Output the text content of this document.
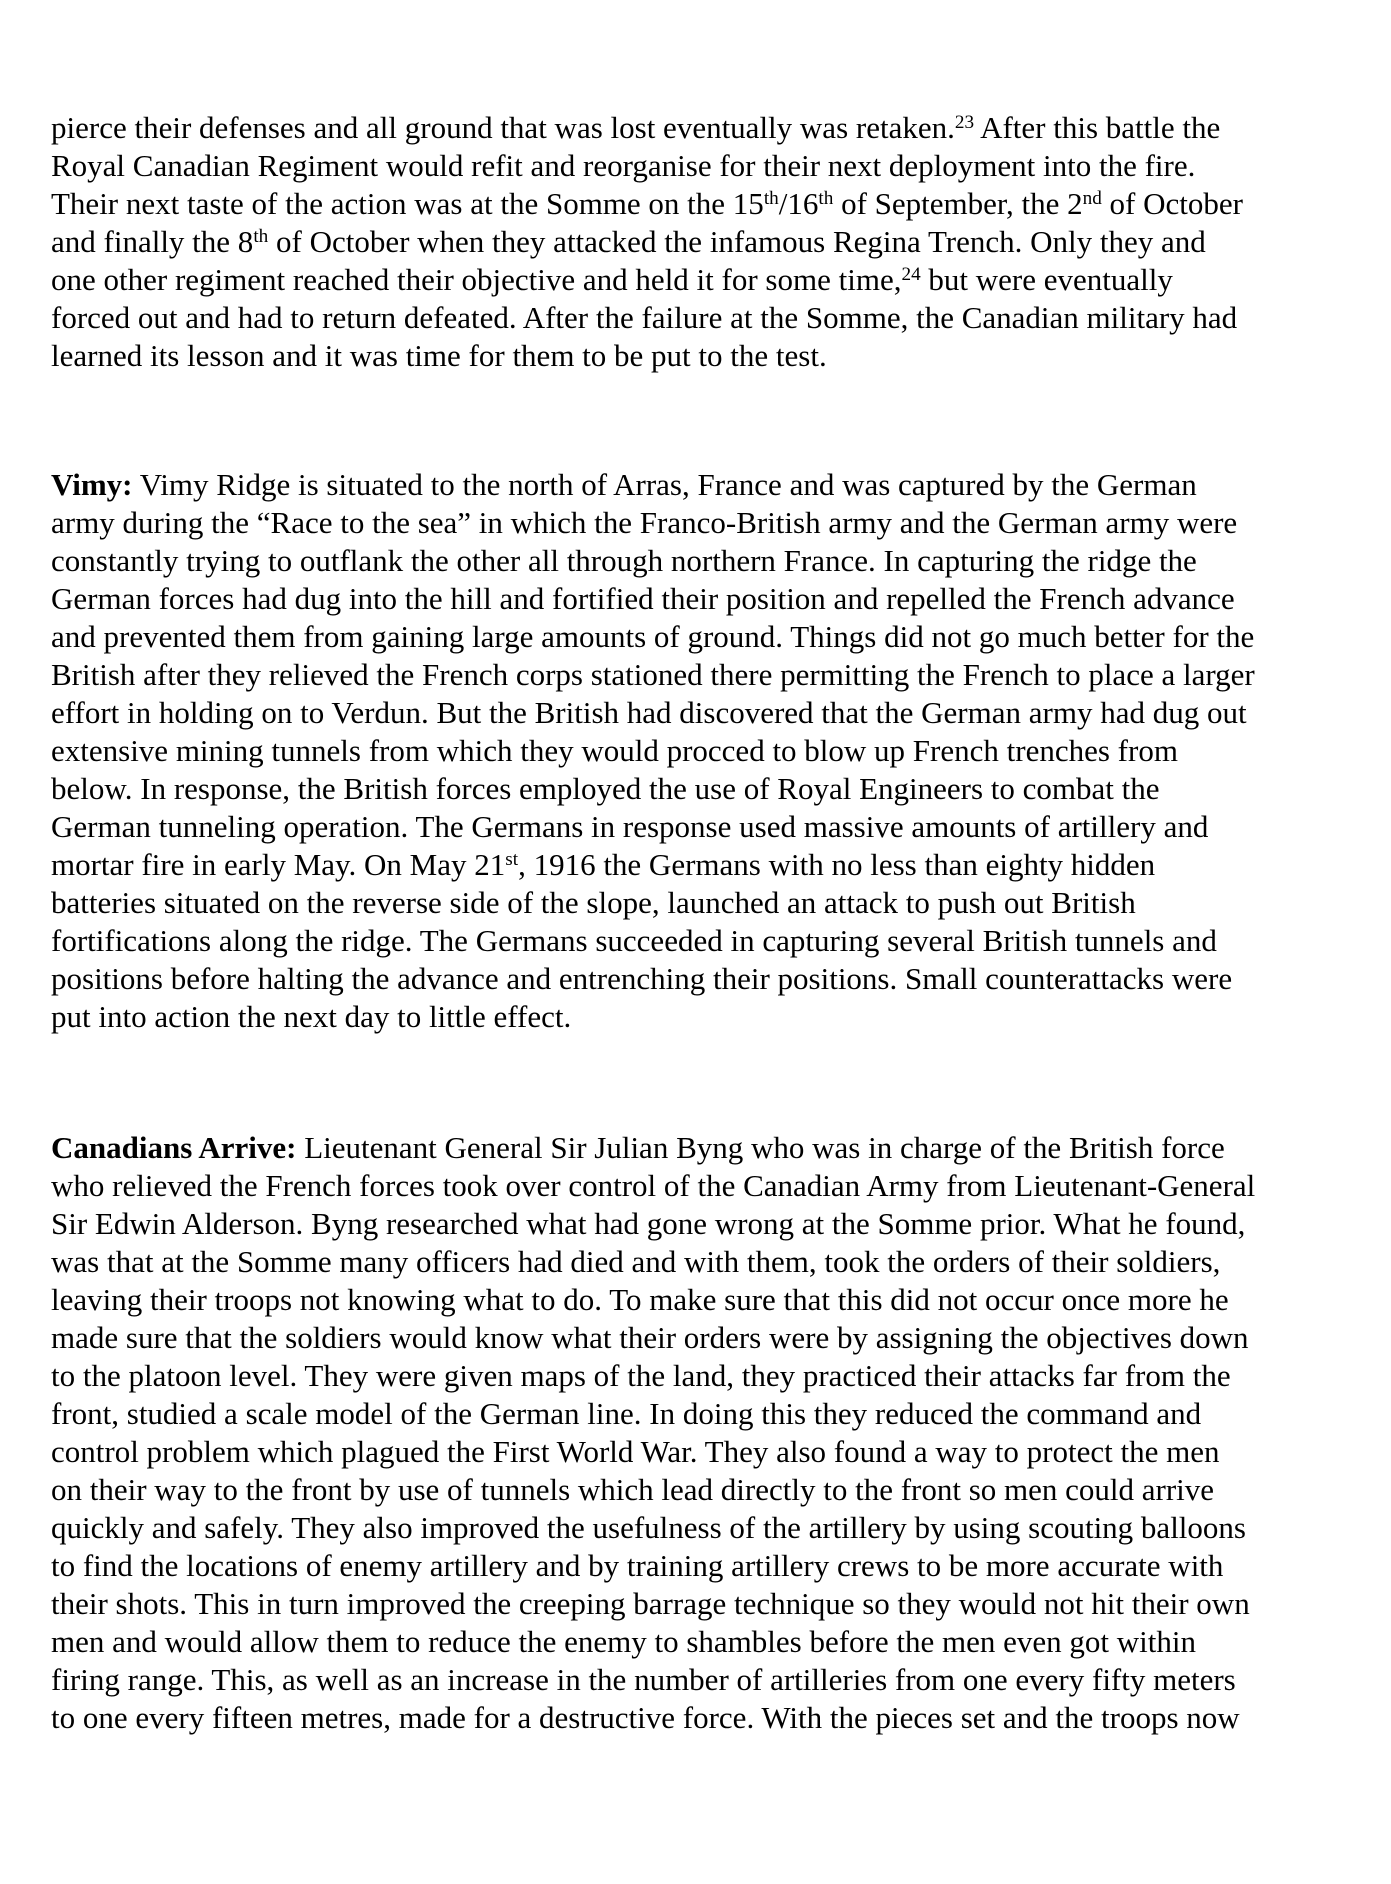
pierce their defenses and all ground that was lost eventually was retaken.$^{23}$ After this battle the
Royal Canadian Regiment would refit and reorganise for their next deployment into the fire.
Their next taste of the action was at the Somme on the 15th/16th of September, the 2nd of October
and finally the 8th of October when they attacked the infamous Regina Trench. Only they and
one other regiment reached their objective and held it for some time,$^{24}$ but were eventually
forced out and had to return defeated. After the failure at the Somme, the Canadian military had
learned its lesson and it was time for them to be put to the test.
Vimy: Vimy Ridge is situated to the north of Arras, France and was captured by the German
army during the “Race to the sea” in which the Franco-British army and the German army were
constantly trying to outflank the other all through northern France. In capturing the ridge the
German forces had dug into the hill and fortified their position and repelled the French advance
and prevented them from gaining large amounts of ground. Things did not go much better for the
British after they relieved the French corps stationed there permitting the French to place a larger
effort in holding on to Verdun. But the British had discovered that the German army had dug out
extensive mining tunnels from which they would procced to blow up French trenches from
below. In response, the British forces employed the use of Royal Engineers to combat the
German tunneling operation. The Germans in response used massive amounts of artillery and
mortar fire in early May. On May 21st, 1916 the Germans with no less than eighty hidden
batteries situated on the reverse side of the slope, launched an attack to push out British
fortifications along the ridge. The Germans succeeded in capturing several British tunnels and
positions before halting the advance and entrenching their positions. Small counterattacks were
put into action the next day to little effect.
Canadians Arrive: Lieutenant General Sir Julian Byng who was in charge of the British force
who relieved the French forces took over control of the Canadian Army from Lieutenant-General
Sir Edwin Alderson. Byng researched what had gone wrong at the Somme prior. What he found,
was that at the Somme many officers had died and with them, took the orders of their soldiers,
leaving their troops not knowing what to do. To make sure that this did not occur once more he
made sure that the soldiers would know what their orders were by assigning the objectives down
to the platoon level. They were given maps of the land, they practiced their attacks far from the
front, studied a scale model of the German line. In doing this they reduced the command and
control problem which plagued the First World War. They also found a way to protect the men
on their way to the front by use of tunnels which lead directly to the front so men could arrive
quickly and safely. They also improved the usefulness of the artillery by using scouting balloons
to find the locations of enemy artillery and by training artillery crews to be more accurate with
their shots. This in turn improved the creeping barrage technique so they would not hit their own
men and would allow them to reduce the enemy to shambles before the men even got within
firing range. This, as well as an increase in the number of artilleries from one every fifty meters
to one every fifteen metres, made for a destructive force. With the pieces set and the troops now
